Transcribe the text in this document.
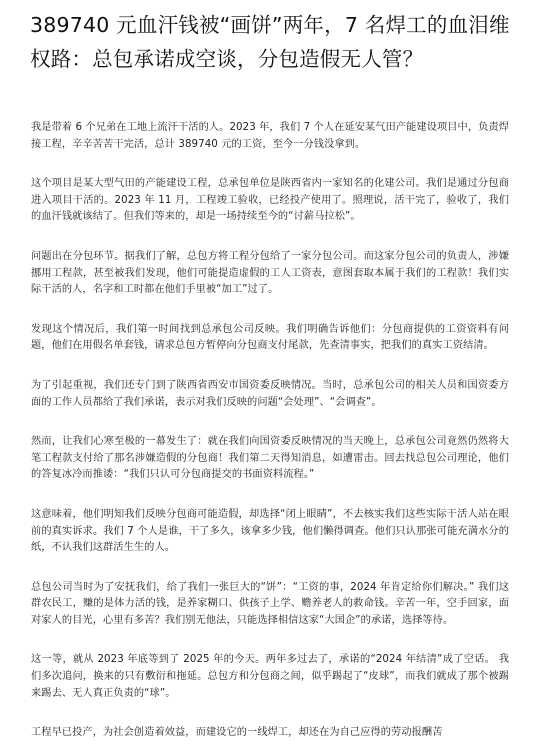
389740 元血汗钱被“画饼”两年，7 名焊工的血泪维权路：总包承诺成空谈，分包造假无人管？

我是带着 6 个兄弟在工地上流汗干活的人。2023 年，我们 7 个人在延安某气田产能建设项目中，负责焊接工程，辛辛苦苦干完活，总计 389740 元的工资，至今一分钱没拿到。

这个项目是某大型气田的产能建设工程，总承包单位是陕西省内一家知名的化建公司。我们是通过分包商进入项目干活的。2023 年 11 月，工程竣工验收，已经投产使用了。照理说，活干完了，验收了，我们的血汗钱就该结了。但我们等来的，却是一场持续至今的“讨薪马拉松”。

问题出在分包环节。据我们了解，总包方将工程分包给了一家分包公司。而这家分包公司的负责人，涉嫌挪用工程款，甚至被我们发现，他们可能提造虚假的工人工资表，意图套取本属于我们的工程款！我们实际干活的人，名字和工时都在他们手里被“加工”过了。

发现这个情况后，我们第一时间找到总承包公司反映。我们明确告诉他们：分包商提供的工资资料有问题，他们在用假名单套钱，请求总包方暂停向分包商支付尾款，先查清事实，把我们的真实工资结清。

为了引起重视，我们还专门到了陕西省西安市国资委反映情况。当时，总承包公司的相关人员和国资委方面的工作人员都给了我们承诺，表示对我们反映的问题“会处理”、“会调查”。

然而，让我们心寒至极的一幕发生了：就在我们向国资委反映情况的当天晚上，总承包公司竟然仍然将大笔工程款支付给了那名涉嫌造假的分包商！我们第二天得知消息，如遭雷击。回去找总包公司理论，他们的答复冰冷而推诿：“我们只认可分包商提交的书面资料流程。”

这意味着，他们明知我们反映分包商可能造假，却选择“闭上眼睛”，不去核实我们这些实际干活人站在眼前的真实诉求。我们 7 个人是谁，干了多久，该拿多少钱，他们懒得调查。他们只认那张可能充满水分的纸，不认我们这群活生生的人。

总包公司当时为了安抚我们，给了我们一张巨大的“饼”：“工资的事，2024 年肯定给你们解决。” 我们这群农民工，赚的是体力活的钱，是养家糊口、供孩子上学、赡养老人的救命钱。辛苦一年，空手回家，面对家人的目光，心里有多苦？我们别无他法，只能选择相信这家“大国企”的承诺，选择等待。

这一等，就从 2023 年底等到了 2025 年的今天。两年多过去了，承诺的“2024 年结清”成了空话。 我们多次追问，换来的只有敷衍和拖延。总包方和分包商之间，似乎踢起了“皮球”，而我们就成了那个被踢来踢去、无人真正负责的“球”。

工程早已投产，为社会创造着效益，而建设它的一线焊工，却还在为自己应得的劳动报酬苦
